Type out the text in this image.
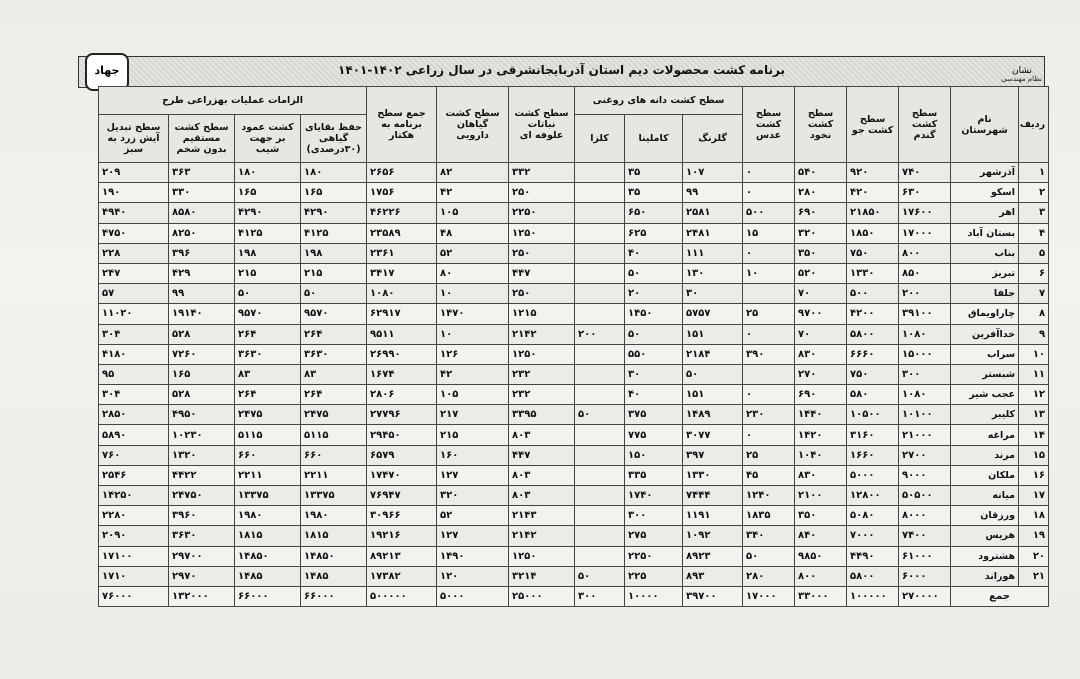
جهاد	برنامه کشت محصولات دیم استان آذربایجانشرقی در سال زراعی ۱۴۰۲-۱۴۰۱	نشان
نظام مهندسی
ردیف	نام شهرستان	سطح کشت گندم	سطح کشت جو	سطح کشت نخود	سطح کشت عدس	سطح کشت دانه های روغنی			سطح کشت نباتات علوفه ای	سطح کشت گیاهان دارویی	جمع سطح برنامه به هکتار	الزامات عملیات بهزراعی طرح			
						گلرنگ	کاملینا	کلزا				حفظ بقایای گیاهی (۳۰درصدی)	کشت عمود بر جهت شیب	سطح کشت مستقیم بدون شخم	سطح تبدیل آیش زرد به سبز
۱	آذرشهر	۷۴۰	۹۲۰	۵۴۰	۰	۱۰۷	۳۵		۳۳۲	۸۲	۲۶۵۶	۱۸۰	۱۸۰	۳۶۳	۲۰۹
۲	اسکو	۶۳۰	۴۲۰	۲۸۰	۰	۹۹	۳۵		۲۵۰	۴۲	۱۷۵۶	۱۶۵	۱۶۵	۳۳۰	۱۹۰
۳	اهر	۱۷۶۰۰	۲۱۸۵۰	۶۹۰	۵۰۰	۲۵۸۱	۶۵۰		۲۲۵۰	۱۰۵	۴۶۲۲۶	۴۲۹۰	۴۲۹۰	۸۵۸۰	۴۹۴۰
۴	بستان آباد	۱۷۰۰۰	۱۸۵۰	۳۲۰	۱۵	۲۴۸۱	۶۲۵		۱۲۵۰	۴۸	۲۳۵۸۹	۴۱۲۵	۴۱۲۵	۸۲۵۰	۴۷۵۰
۵	بناب	۸۰۰	۷۵۰	۳۵۰	۰	۱۱۱	۴۰		۲۵۰	۵۲	۲۳۶۱	۱۹۸	۱۹۸	۳۹۶	۲۲۸
۶	تبریز	۸۵۰	۱۳۳۰	۵۲۰	۱۰	۱۳۰	۵۰		۴۴۷	۸۰	۳۴۱۷	۲۱۵	۲۱۵	۴۲۹	۲۴۷
۷	جلفا	۲۰۰	۵۰۰	۷۰		۳۰	۲۰		۲۵۰	۱۰	۱۰۸۰	۵۰	۵۰	۹۹	۵۷
۸	چاراویماق	۳۹۱۰۰	۴۲۰۰	۹۷۰۰	۲۵	۵۷۵۷	۱۴۵۰		۱۲۱۵	۱۴۷۰	۶۲۹۱۷	۹۵۷۰	۹۵۷۰	۱۹۱۴۰	۱۱۰۲۰
۹	خداآفرین	۱۰۸۰	۵۸۰۰	۷۰	۰	۱۵۱	۵۰	۲۰۰	۲۱۴۲	۱۰	۹۵۱۱	۲۶۴	۲۶۴	۵۲۸	۳۰۴
۱۰	سراب	۱۵۰۰۰	۶۶۶۰	۸۳۰	۳۹۰	۲۱۸۴	۵۵۰		۱۲۵۰	۱۲۶	۲۶۹۹۰	۳۶۳۰	۳۶۳۰	۷۲۶۰	۴۱۸۰
۱۱	شبستر	۳۰۰	۷۵۰	۲۷۰		۵۰	۳۰		۲۳۲	۴۲	۱۶۷۴	۸۳	۸۳	۱۶۵	۹۵
۱۲	عجب شیر	۱۰۸۰	۵۸۰	۶۹۰	۰	۱۵۱	۴۰		۲۳۲	۱۰۵	۲۸۰۶	۲۶۴	۲۶۴	۵۲۸	۳۰۴
۱۳	کلیبر	۱۰۱۰۰	۱۰۵۰۰	۱۴۴۰	۲۳۰	۱۴۸۹	۳۷۵	۵۰	۳۳۹۵	۲۱۷	۲۷۷۹۶	۲۴۷۵	۲۴۷۵	۴۹۵۰	۲۸۵۰
۱۴	مراغه	۲۱۰۰۰	۳۱۶۰	۱۴۲۰	۰	۳۰۷۷	۷۷۵		۸۰۳	۲۱۵	۲۹۴۵۰	۵۱۱۵	۵۱۱۵	۱۰۲۳۰	۵۸۹۰
۱۵	مرند	۲۷۰۰	۱۶۶۰	۱۰۴۰	۲۵	۳۹۷	۱۵۰		۴۴۷	۱۶۰	۶۵۷۹	۶۶۰	۶۶۰	۱۳۲۰	۷۶۰
۱۶	ملکان	۹۰۰۰	۵۰۰۰	۸۳۰	۴۵	۱۳۳۰	۳۳۵		۸۰۳	۱۲۷	۱۷۴۷۰	۲۲۱۱	۲۲۱۱	۴۴۲۲	۲۵۴۶
۱۷	میانه	۵۰۵۰۰	۱۲۸۰۰	۲۱۰۰	۱۲۴۰	۷۴۴۴	۱۷۴۰		۸۰۳	۳۲۰	۷۶۹۴۷	۱۳۳۷۵	۱۳۳۷۵	۲۴۷۵۰	۱۴۲۵۰
۱۸	ورزقان	۸۰۰۰	۵۰۸۰	۳۵۰	۱۸۳۵	۱۱۹۱	۳۰۰		۲۱۴۳	۵۲	۳۰۹۶۶	۱۹۸۰	۱۹۸۰	۳۹۶۰	۲۲۸۰
۱۹	هریس	۷۴۰۰	۷۰۰۰	۸۴۰	۳۴۰	۱۰۹۲	۲۷۵		۲۱۴۲	۱۲۷	۱۹۲۱۶	۱۸۱۵	۱۸۱۵	۳۶۳۰	۲۰۹۰
۲۰	هشترود	۶۱۰۰۰	۴۴۹۰	۹۸۵۰	۵۰	۸۹۲۳	۲۲۵۰		۱۲۵۰	۱۴۹۰	۸۹۲۱۳	۱۴۸۵۰	۱۴۸۵۰	۲۹۷۰۰	۱۷۱۰۰
۲۱	هوراند	۶۰۰۰	۵۸۰۰	۸۰۰	۲۸۰	۸۹۳	۲۲۵	۵۰	۳۲۱۴	۱۲۰	۱۷۳۸۲	۱۴۸۵	۱۴۸۵	۲۹۷۰	۱۷۱۰
جمع		۲۷۰۰۰۰	۱۰۰۰۰۰	۳۳۰۰۰	۱۷۰۰۰	۳۹۷۰۰	۱۰۰۰۰	۳۰۰	۲۵۰۰۰	۵۰۰۰	۵۰۰۰۰۰	۶۶۰۰۰	۶۶۰۰۰	۱۳۲۰۰۰	۷۶۰۰۰
